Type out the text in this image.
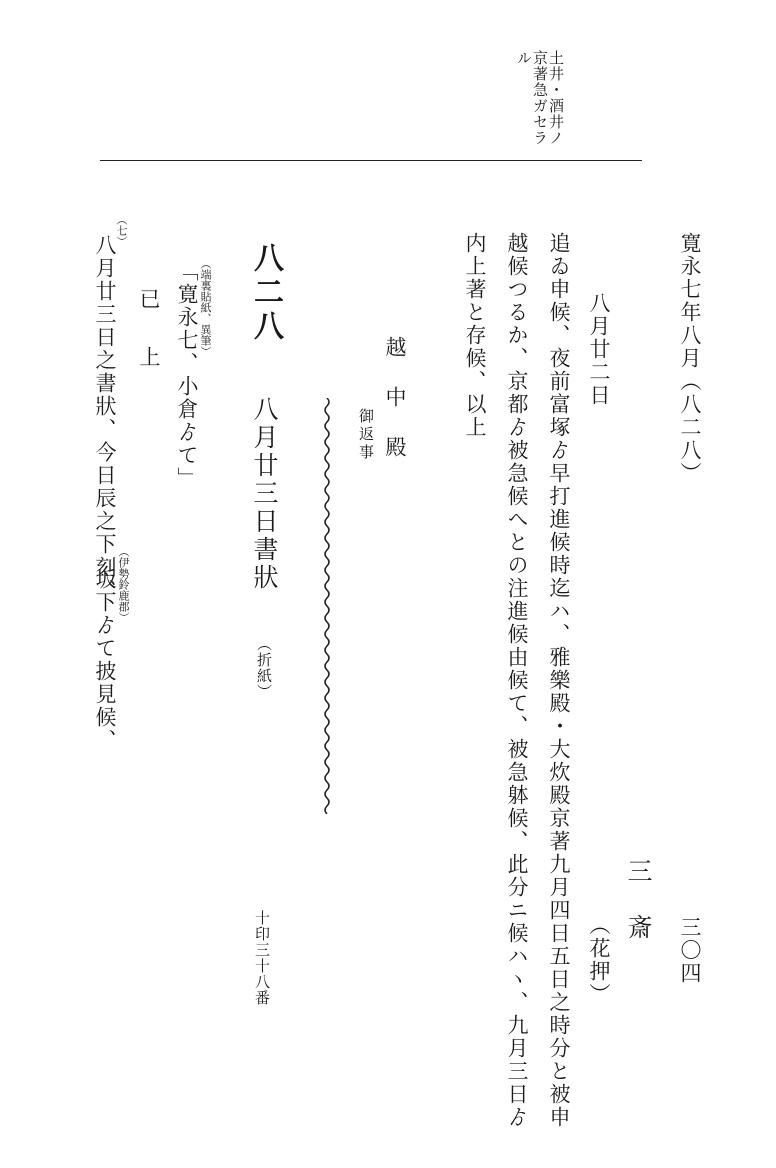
寛永七年八月（八二八）
三〇四
土井・酒井ノ
京著急ガセラ
ル
八月廿二日
三　斎
（花押）
追ゐ申候、夜前富塚ゟ早打進候時迄ハ、雅樂殿・大炊殿京著九月四日五日之時分と被申
越候つるか、京都ゟ被急候へとの注進候由候て、被急躰候、此分ニ候ハヽ、九月三日ゟ
内上著と存候、以上
越　中　殿
御返事
八二八
八月廿三日書狀
（折紙）
十印三十八番
（端裏貼紙、異筆）
「寛永七、小倉ゟて」
已　上
（七）
八月廿三日之書狀、今日辰之下刻、 （伊勢鈴鹿郡）
坂下ゟて披見候、
